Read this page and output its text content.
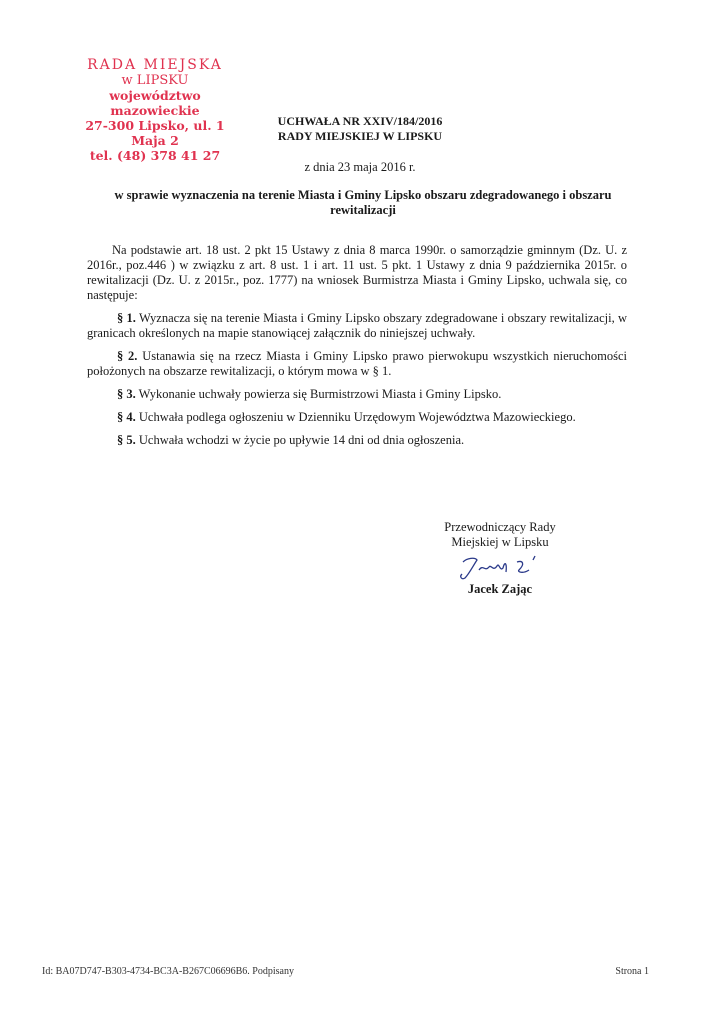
RADA MIEJSKA
w LIPSKU
województwo mazowieckie
27-300 Lipsko, ul. 1 Maja 2
tel. (48) 378 41 27
UCHWAŁA NR XXIV/184/2016
RADY MIEJSKIEJ W LIPSKU
z dnia 23 maja 2016 r.
w sprawie wyznaczenia na terenie Miasta i Gminy Lipsko obszaru zdegradowanego i obszaru rewitalizacji

Na podstawie art. 18 ust. 2 pkt 15 Ustawy z dnia 8 marca 1990r. o samorządzie gminnym (Dz. U. z 2016r., poz.446 ) w związku z art. 8 ust. 1 i art. 11 ust. 5 pkt. 1 Ustawy z dnia 9 października 2015r. o rewitalizacji (Dz. U. z 2015r., poz. 1777) na wniosek Burmistrza Miasta i Gminy Lipsko, uchwala się, co następuje:

§ 1. Wyznacza się na terenie Miasta i Gminy Lipsko obszary zdegradowane i obszary rewitalizacji, w granicach określonych na mapie stanowiącej załącznik do niniejszej uchwały.

§ 2. Ustanawia się na rzecz Miasta i Gminy Lipsko prawo pierwokupu wszystkich nieruchomości położonych na obszarze rewitalizacji, o którym mowa w § 1.

§ 3. Wykonanie uchwały powierza się Burmistrzowi Miasta i Gminy Lipsko.

§ 4. Uchwała podlega ogłoszeniu w Dzienniku Urzędowym Województwa Mazowieckiego.

§ 5. Uchwała wchodzi w życie po upływie 14 dni od dnia ogłoszenia.

Przewodniczący Rady
Miejskiej w Lipsku
Jacek Zając
Id: BA07D747-B303-4734-BC3A-B267C06696B6. Podpisany	Strona 1
